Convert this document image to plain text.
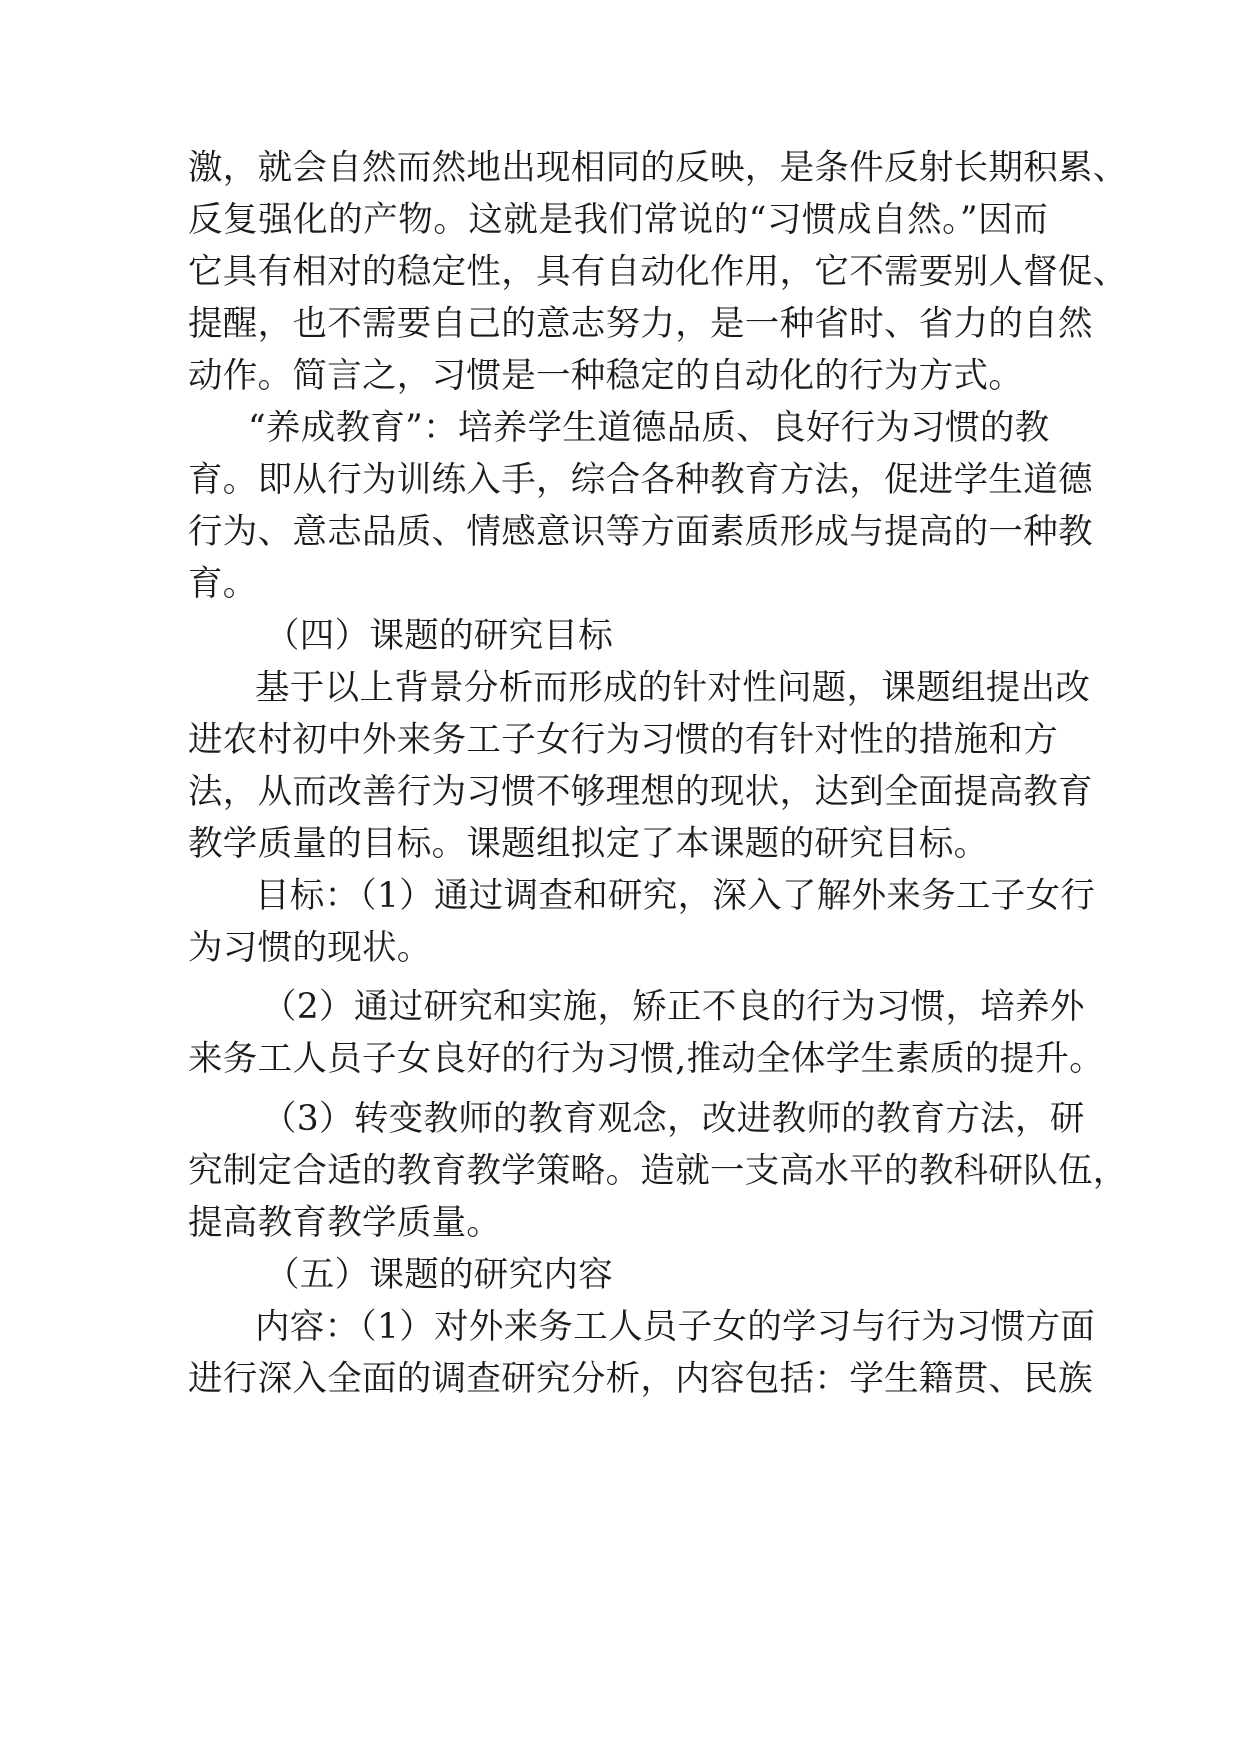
激，就会自然而然地出现相同的反映，是条件反射长期积累、
反复强化的产物。这就是我们常说的“习惯成自然。”因而
它具有相对的稳定性，具有自动化作用，它不需要别人督促、
提醒，也不需要自己的意志努力，是一种省时、省力的自然
动作。简言之，习惯是一种稳定的自动化的行为方式。
“养成教育”：培养学生道德品质、良好行为习惯的教
育。即从行为训练入手，综合各种教育方法，促进学生道德
行为、意志品质、情感意识等方面素质形成与提高的一种教
育。
（四）课题的研究目标
基于以上背景分析而形成的针对性问题，课题组提出改
进农村初中外来务工子女行为习惯的有针对性的措施和方
法，从而改善行为习惯不够理想的现状，达到全面提高教育
教学质量的目标。课题组拟定了本课题的研究目标。
目标：（1）通过调查和研究，深入了解外来务工子女行
为习惯的现状。
（2）通过研究和实施，矫正不良的行为习惯，培养外
来务工人员子女良好的行为习惯,推动全体学生素质的提升。
（3）转变教师的教育观念，改进教师的教育方法，研
究制定合适的教育教学策略。造就一支高水平的教科研队伍，
提高教育教学质量。
（五）课题的研究内容
内容：（1）对外来务工人员子女的学习与行为习惯方面
进行深入全面的调查研究分析，内容包括：学生籍贯、民族
